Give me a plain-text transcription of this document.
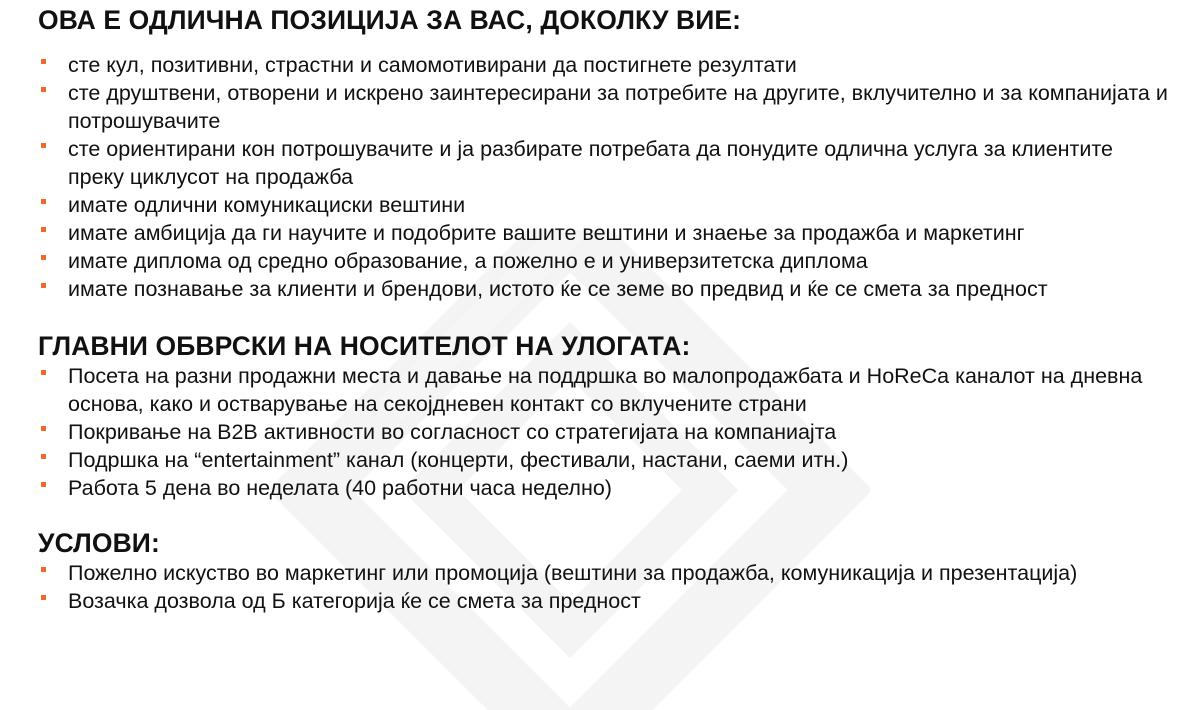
ОВА Е ОДЛИЧНА ПОЗИЦИЈА ЗА ВАС, ДОКОЛКУ ВИЕ:
сте кул, позитивни, страстни и самомотивирани да постигнете резултати
сте друштвени, отворени и искрено заинтересирани за потребите на другите, вклучително и за компанијата и потрошувачите
сте ориентирани кон потрошувачите и ја разбирате потребата да понудите одлична услуга за клиентите преку циклусот на продажба
имате одлични комуникациски вештини
имате амбиција да ги научите и подобрите вашите вештини и знаење за продажба и маркетинг
имате диплома од средно образование, а пожелно е и универзитетска диплома
имате познавање за клиенти и брендови, истото ќе се земе во предвид и ќе се смета за предност
ГЛАВНИ ОБВРСКИ НА НОСИТЕЛОТ НА УЛОГАТА:
Посета на разни продажни места и давање на поддршка во малопродажбата и HoReCa каналот на дневна основа, како и остварување на секојдневен контакт со вклучените страни
Покривање на B2B активности во согласност со стратегијата на компаниајта
Подршка на “entertainment” канал (концерти, фестивали, настани, саеми итн.)
Работа 5 дена во неделата (40 работни часа неделно)
УСЛОВИ:
Пожелно искуство во маркетинг или промоција (вештини за продажба, комуникација и презентација)
Возачка дозвола од Б категорија ќе се смета за предност
